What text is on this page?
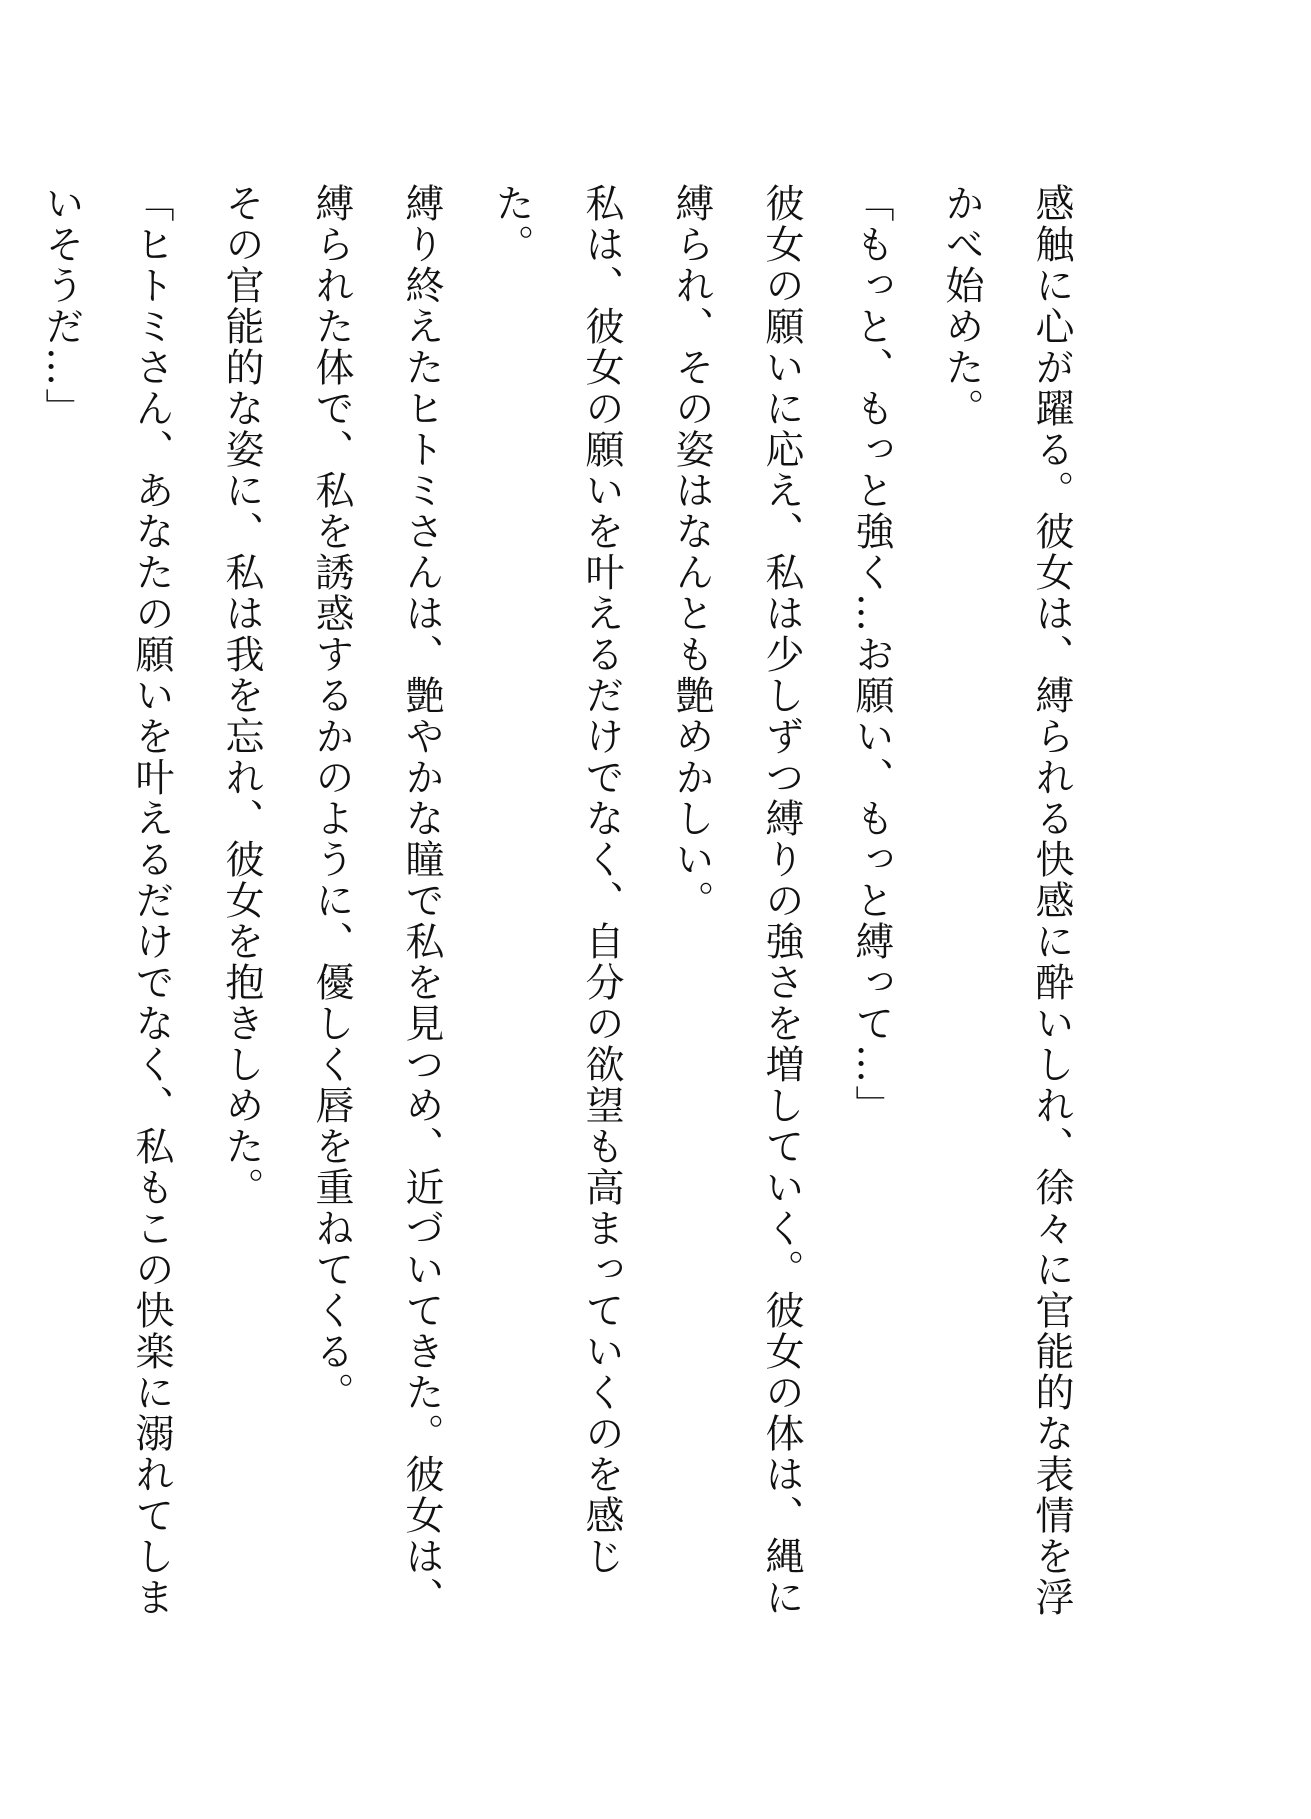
感触に心が躍る。彼女は、縛られる快感に酔いしれ、徐々に官能的な表情を浮かべ始めた。

「もっと、もっと強く…お願い、もっと縛って…」

彼女の願いに応え、私は少しずつ縛りの強さを増していく。彼女の体は、縄に縛られ、その姿はなんとも艶めかしい。

私は、彼女の願いを叶えるだけでなく、自分の欲望も高まっていくのを感じた。

縛り終えたヒトミさんは、艶やかな瞳で私を見つめ、近づいてきた。彼女は、縛られた体で、私を誘惑するかのように、優しく唇を重ねてくる。

その官能的な姿に、私は我を忘れ、彼女を抱きしめた。

「ヒトミさん、あなたの願いを叶えるだけでなく、私もこの快楽に溺れてしまいそうだ…」
